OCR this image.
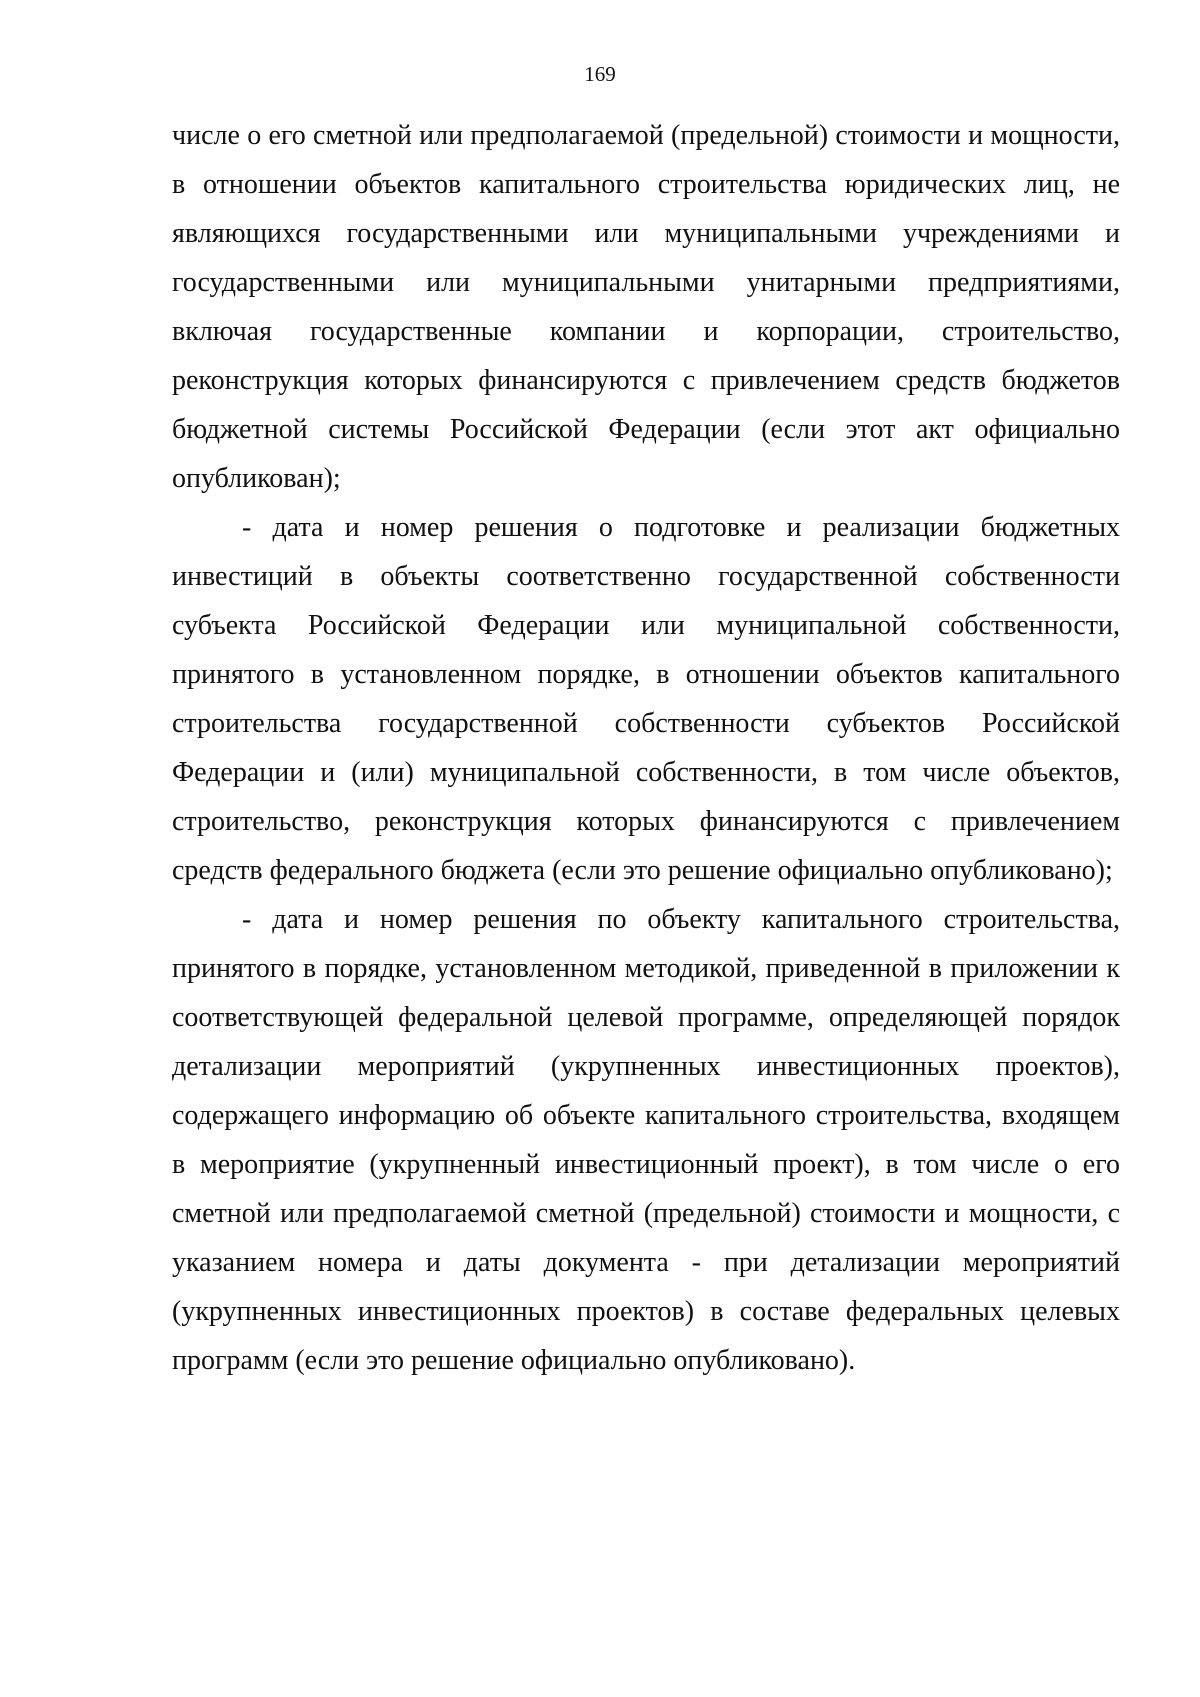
169

числе о его сметной или предполагаемой (предельной) стоимости и мощности, в отношении объектов капитального строительства юридических лиц, не являющихся государственными или муниципальными учреждениями и государственными или муниципальными унитарными предприятиями, включая государственные компании и корпорации, строительство, реконструкция которых финансируются с привлечением средств бюджетов бюджетной системы Российской Федерации (если этот акт официально опубликован);

- дата и номер решения о подготовке и реализации бюджетных инвестиций в объекты соответственно государственной собственности субъекта Российской Федерации или муниципальной собственности, принятого в установленном порядке, в отношении объектов капитального строительства государственной собственности субъектов Российской Федерации и (или) муниципальной собственности, в том числе объектов, строительство, реконструкция которых финансируются с привлечением средств федерального бюджета (если это решение официально опубликовано);

- дата и номер решения по объекту капитального строительства, принятого в порядке, установленном методикой, приведенной в приложении к соответствующей федеральной целевой программе, определяющей порядок детализации мероприятий (укрупненных инвестиционных проектов), содержащего информацию об объекте капитального строительства, входящем в мероприятие (укрупненный инвестиционный проект), в том числе о его сметной или предполагаемой сметной (предельной) стоимости и мощности, с указанием номера и даты документа - при детализации мероприятий (укрупненных инвестиционных проектов) в составе федеральных целевых программ (если это решение официально опубликовано).
